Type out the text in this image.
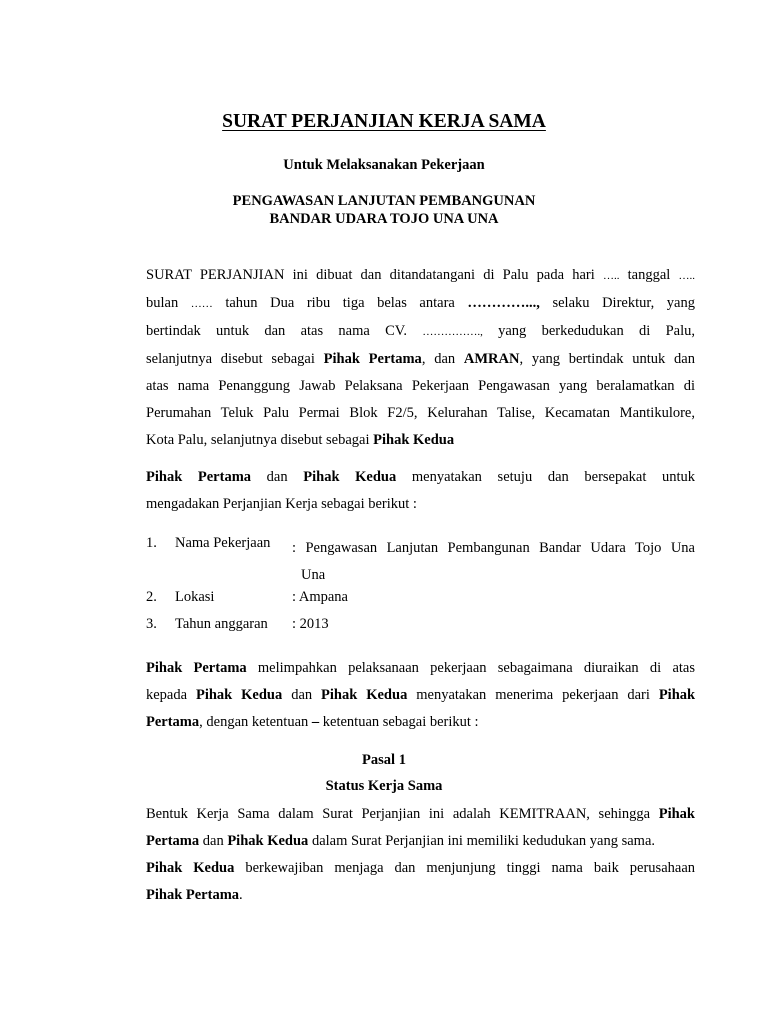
SURAT PERJANJIAN KERJA SAMA
Untuk Melaksanakan Pekerjaan
PENGAWASAN LANJUTAN PEMBANGUNAN
BANDAR UDARA TOJO UNA UNA

SURAT PERJANJIAN ini dibuat dan ditandatangani di Palu pada hari ….. tanggal …..

bulan …… tahun Dua ribu tiga belas antara …………..., selaku Direktur, yang

bertindak untuk dan atas nama CV. ……………., yang berkedudukan di Palu,

selanjutnya disebut sebagai Pihak Pertama, dan AMRAN, yang bertindak untuk dan

atas nama Penanggung Jawab Pelaksana Pekerjaan Pengawasan yang beralamatkan di

Perumahan Teluk Palu Permai Blok F2/5, Kelurahan Talise, Kecamatan Mantikulore,

Kota Palu, selanjutnya disebut sebagai Pihak Kedua

Pihak Pertama dan Pihak Kedua menyatakan setuju dan bersepakat untuk

mengadakan Perjanjian Kerja sebagai berikut :

1. Nama Pekerjaan : Pengawasan Lanjutan Pembangunan Bandar Udara Tojo Una

Una

2. Lokasi	: Ampana
3. Tahun anggaran : 2013

Pihak Pertama melimpahkan pelaksanaan pekerjaan sebagaimana diuraikan di atas

kepada Pihak Kedua dan Pihak Kedua menyatakan menerima pekerjaan dari Pihak

Pertama, dengan ketentuan – ketentuan sebagai berikut :

Pasal 1
Status Kerja Sama

Bentuk Kerja Sama dalam Surat Perjanjian ini adalah KEMITRAAN, sehingga Pihak

Pertama dan Pihak Kedua dalam Surat Perjanjian ini memiliki kedudukan yang sama.

Pihak Kedua berkewajiban menjaga dan menjunjung tinggi nama baik perusahaan

Pihak Pertama.
